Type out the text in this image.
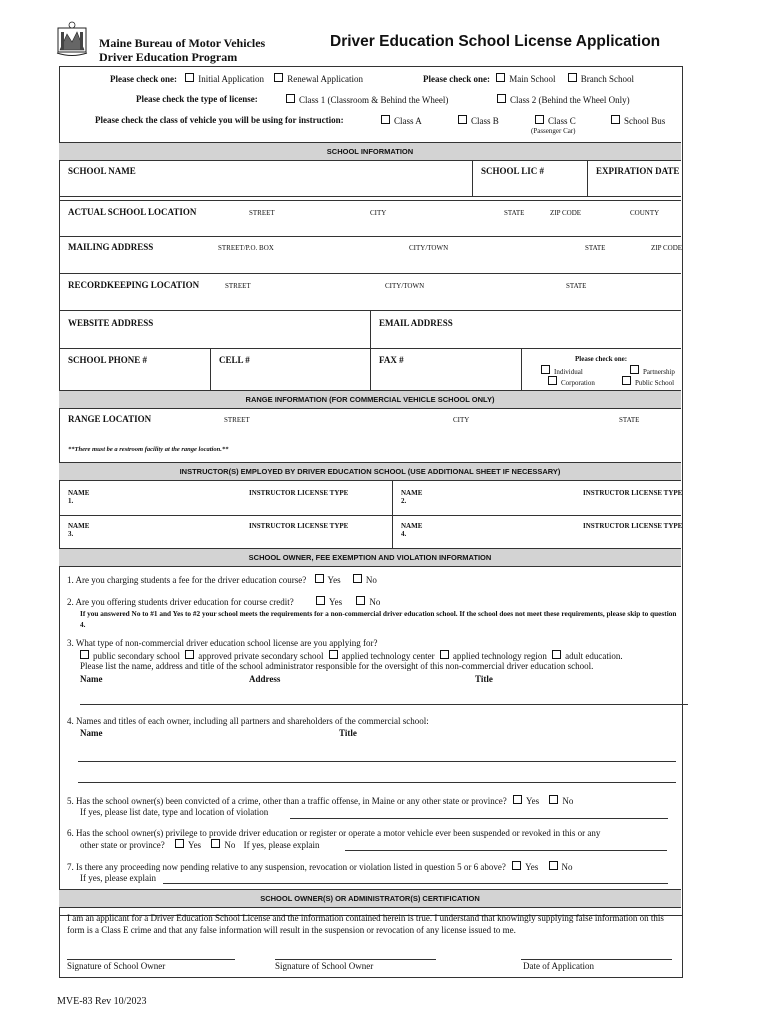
Maine Bureau of Motor Vehicles
Driver Education Program
Driver Education School License Application
Please check one: Initial Application	Renewal Application	Please check one: Main School	Branch School
Please check the type of license:	Class 1 (Classroom & Behind the Wheel)	Class 2 (Behind the Wheel Only)
Please check the class of vehicle you will be using for instruction:	Class A	Class B	Class C
(Passenger Car)
School Bus
SCHOOL INFORMATION
SCHOOL NAME	SCHOOL LIC #	EXPIRATION DATE
ACTUAL SCHOOL LOCATION	STREET	CITY	STATE	ZIP CODE	COUNTY
MAILING ADDRESS	STREET/P.O. BOX	CITY/TOWN	STATE	ZIP CODE
RECORDKEEPING LOCATION	STREET	CITY/TOWN	STATE
WEBSITE ADDRESS	EMAIL ADDRESS
SCHOOL PHONE #	CELL #	FAX #	Please check one:
Individual	Partnership
Corporation	Public School
RANGE INFORMATION (FOR COMMERCIAL VEHICLE SCHOOL ONLY)
RANGE LOCATION	STREET	CITY	STATE
**There must be a restroom facility at the range location.**
INSTRUCTOR(S) EMPLOYED BY DRIVER EDUCATION SCHOOL (USE ADDITIONAL SHEET IF NECESSARY)
NAME
1.
INSTRUCTOR LICENSE TYPE	NAME
2.
INSTRUCTOR LICENSE TYPE
NAME
3.
INSTRUCTOR LICENSE TYPE	NAME
4.
INSTRUCTOR LICENSE TYPE
SCHOOL OWNER, FEE EXEMPTION AND VIOLATION INFORMATION
1. Are you charging students a fee for the driver education course? Yes	No
2. Are you offering students driver education for course credit?	Yes	No
If you answered No to #1 and Yes to #2 your school meets the requirements for a non-commercial driver education school. If the school does not meet these requirements, please skip to question 4.
3. What type of non-commercial driver education school license are you applying for?
public secondary school approved private secondary school applied technology center applied technology region adult education.
Please list the name, address and title of the school administrator responsible for the oversight of this non-commercial driver education school.
Name	Address	Title
4. Names and titles of each owner, including all partners and shareholders of the commercial school:
Name	Title
5. Has the school owner(s) been convicted of a crime, other than a traffic offense, in Maine or any other state or province? Yes	No
If yes, please list date, type and location of violation
6. Has the school owner(s) privilege to provide driver education or register or operate a motor vehicle ever been suspended or revoked in this or any
other state or province?	Yes	No If yes, please explain
7. Is there any proceeding now pending relative to any suspension, revocation or violation listed in question 5 or 6 above? Yes	No
If yes, please explain
SCHOOL OWNER(S) OR ADMINISTRATOR(S) CERTIFICATION
I am an applicant for a Driver Education School License and the information contained herein is true. I understand that knowingly supplying false information on this form is a Class E crime and that any false information will result in the suspension or revocation of any license issued to me.
Signature of School Owner	Signature of School Owner	Date of Application
MVE-83 Rev 10/2023
